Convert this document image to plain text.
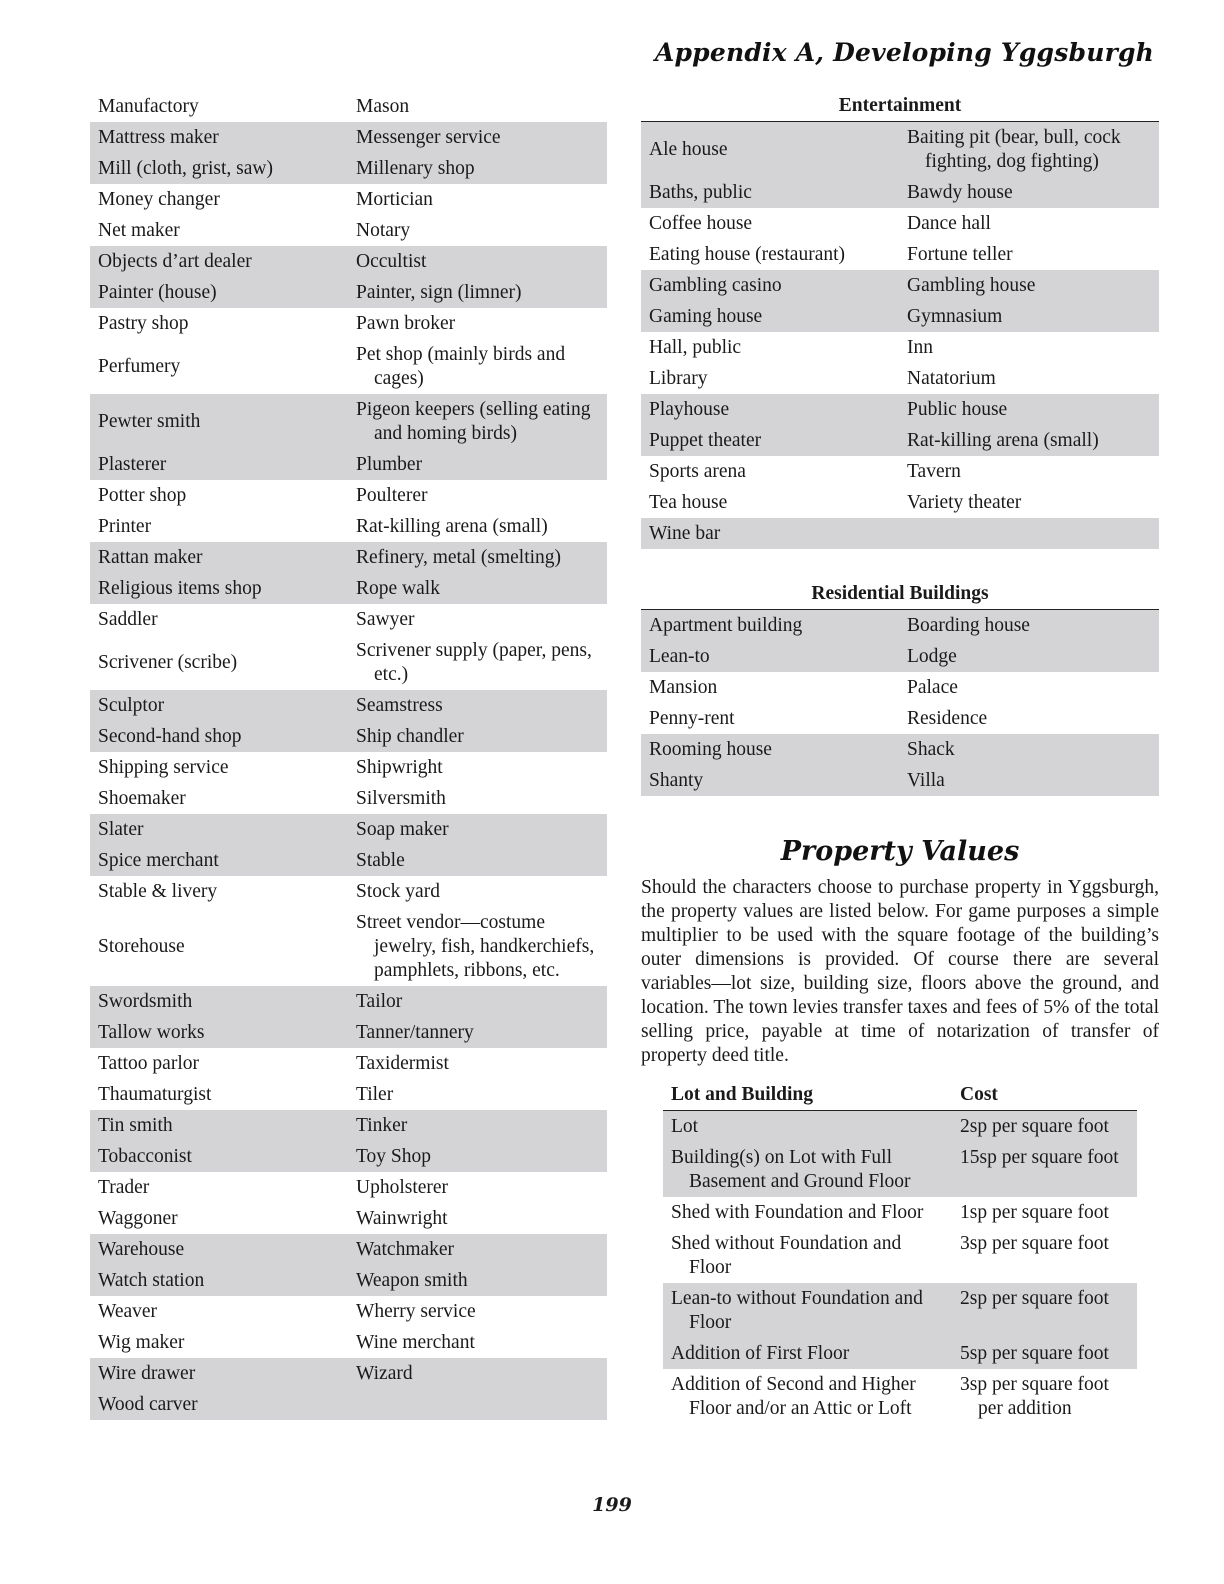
Appendix A, Developing Yggsburgh
Manufactory	Mason

Mattress maker	Messenger service

Mill (cloth, grist, saw)	Millenary shop

Money changer	Mortician

Net maker	Notary

Objects d’art dealer	Occultist

Painter (house)	Painter, sign (limner)

Pastry shop	Pawn broker

Perfumery	Pet shop (mainly birds and cages)

Pewter smith	Pigeon keepers (selling eating and homing birds)

Plasterer	Plumber

Potter shop	Poulterer

Printer	Rat-killing arena (small)

Rattan maker	Refinery, metal (smelting)

Religious items shop	Rope walk

Saddler	Sawyer

Scrivener (scribe)	Scrivener supply (paper, pens, etc.)

Sculptor	Seamstress

Second-hand shop	Ship chandler

Shipping service	Shipwright

Shoemaker	Silversmith

Slater	Soap maker

Spice merchant	Stable

Stable & livery	Stock yard

Storehouse	Street vendor—costume jewelry, fish, handkerchiefs, pamphlets, ribbons, etc.

Swordsmith	Tailor

Tallow works	Tanner/tannery

Tattoo parlor	Taxidermist

Thaumaturgist	Tiler

Tin smith	Tinker

Tobacconist	Toy Shop

Trader	Upholsterer

Waggoner	Wainwright

Warehouse	Watchmaker

Watch station	Weapon smith

Weaver	Wherry service

Wig maker	Wine merchant

Wire drawer	Wizard

Wood carver	

Entertainment
Ale house	Baiting pit (bear, bull, cock fighting, dog fighting)

Baths, public	Bawdy house

Coffee house	Dance hall

Eating house (restaurant)	Fortune teller

Gambling casino	Gambling house

Gaming house	Gymnasium

Hall, public	Inn

Library	Natatorium

Playhouse	Public house

Puppet theater	Rat-killing arena (small)

Sports arena	Tavern

Tea house	Variety theater

Wine bar	

Residential Buildings
Apartment building	Boarding house

Lean-to	Lodge

Mansion	Palace

Penny-rent	Residence

Rooming house	Shack

Shanty	Villa
Property Values
Should the characters choose to purchase property in Yggsburgh, the property values are listed below. For game purposes a simple multiplier to be used with the square footage of the building’s outer dimensions is provided. Of course there are several variables—lot size, building size, floors above the ground, and location. The town levies transfer taxes and fees of 5% of the total selling price, payable at time of notarization of transfer of property deed title.
Lot and Building	Cost

Lot	2sp per square foot

Building(s) on Lot with Full Basement and Ground Floor	15sp per square foot

Shed with Foundation and Floor	1sp per square foot

Shed without Foundation and Floor	3sp per square foot

Lean-to without Foundation and Floor	2sp per square foot

Addition of First Floor	5sp per square foot

Addition of Second and Higher Floor and/or an Attic or Loft	3sp per square foot per addition
199
